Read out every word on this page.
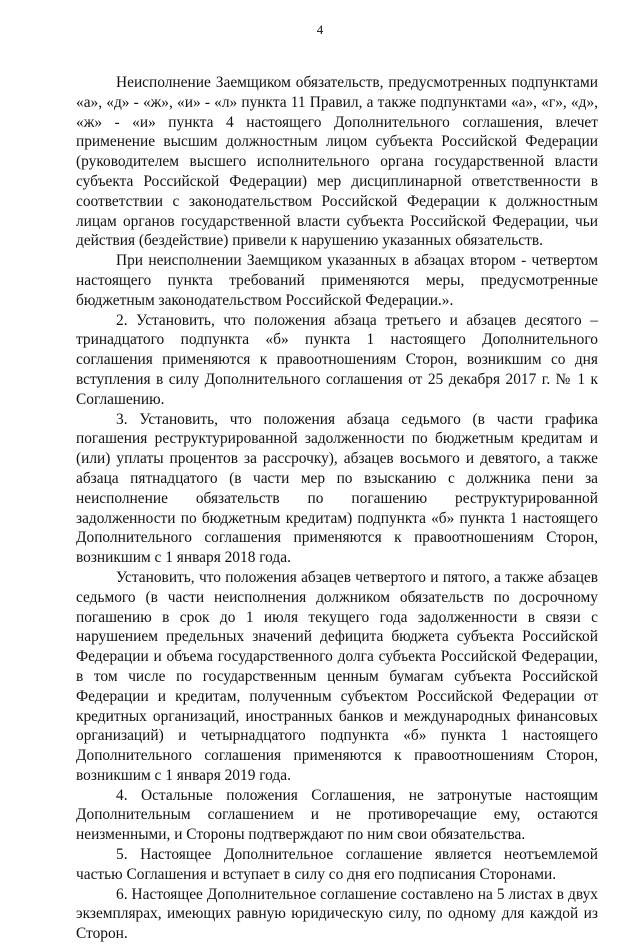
4

Неисполнение Заемщиком обязательств, предусмотренных подпунктами «а», «д» - «ж», «и» - «л» пункта 11 Правил, а также подпунктами «а», «г», «д», «ж» - «и» пункта 4 настоящего Дополнительного соглашения, влечет применение высшим должностным лицом субъекта Российской Федерации (руководителем высшего исполнительного органа государственной власти субъекта Российской Федерации) мер дисциплинарной ответственности в соответствии с законодательством Российской Федерации к должностным лицам органов государственной власти субъекта Российской Федерации, чьи действия (бездействие) привели к нарушению указанных обязательств.

При неисполнении Заемщиком указанных в абзацах втором - четвертом настоящего пункта требований применяются меры, предусмотренные бюджетным законодательством Российской Федерации.».

2. Установить, что положения абзаца третьего и абзацев десятого – тринадцатого подпункта «б» пункта 1 настоящего Дополнительного соглашения применяются к правоотношениям Сторон, возникшим со дня вступления в силу Дополнительного соглашения от 25 декабря 2017 г. № 1 к Соглашению.

3. Установить, что положения абзаца седьмого (в части графика погашения реструктурированной задолженности по бюджетным кредитам и (или) уплаты процентов за рассрочку), абзацев восьмого и девятого, а также абзаца пятнадцатого (в части мер по взысканию с должника пени за неисполнение обязательств по погашению реструктурированной задолженности по бюджетным кредитам) подпункта «б» пункта 1 настоящего Дополнительного соглашения применяются к правоотношениям Сторон, возникшим с 1 января 2018 года.

Установить, что положения абзацев четвертого и пятого, а также абзацев седьмого (в части неисполнения должником обязательств по досрочному погашению в срок до 1 июля текущего года задолженности в связи с нарушением предельных значений дефицита бюджета субъекта Российской Федерации и объема государственного долга субъекта Российской Федерации, в том числе по государственным ценным бумагам субъекта Российской Федерации и кредитам, полученным субъектом Российской Федерации от кредитных организаций, иностранных банков и международных финансовых организаций) и четырнадцатого подпункта «б» пункта 1 настоящего Дополнительного соглашения применяются к правоотношениям Сторон, возникшим с 1 января 2019 года.

4. Остальные положения Соглашения, не затронутые настоящим Дополнительным соглашением и не противоречащие ему, остаются неизменными, и Стороны подтверждают по ним свои обязательства.

5. Настоящее Дополнительное соглашение является неотъемлемой частью Соглашения и вступает в силу со дня его подписания Сторонами.

6. Настоящее Дополнительное соглашение составлено на 5 листах в двух экземплярах, имеющих равную юридическую силу, по одному для каждой из Сторон.
